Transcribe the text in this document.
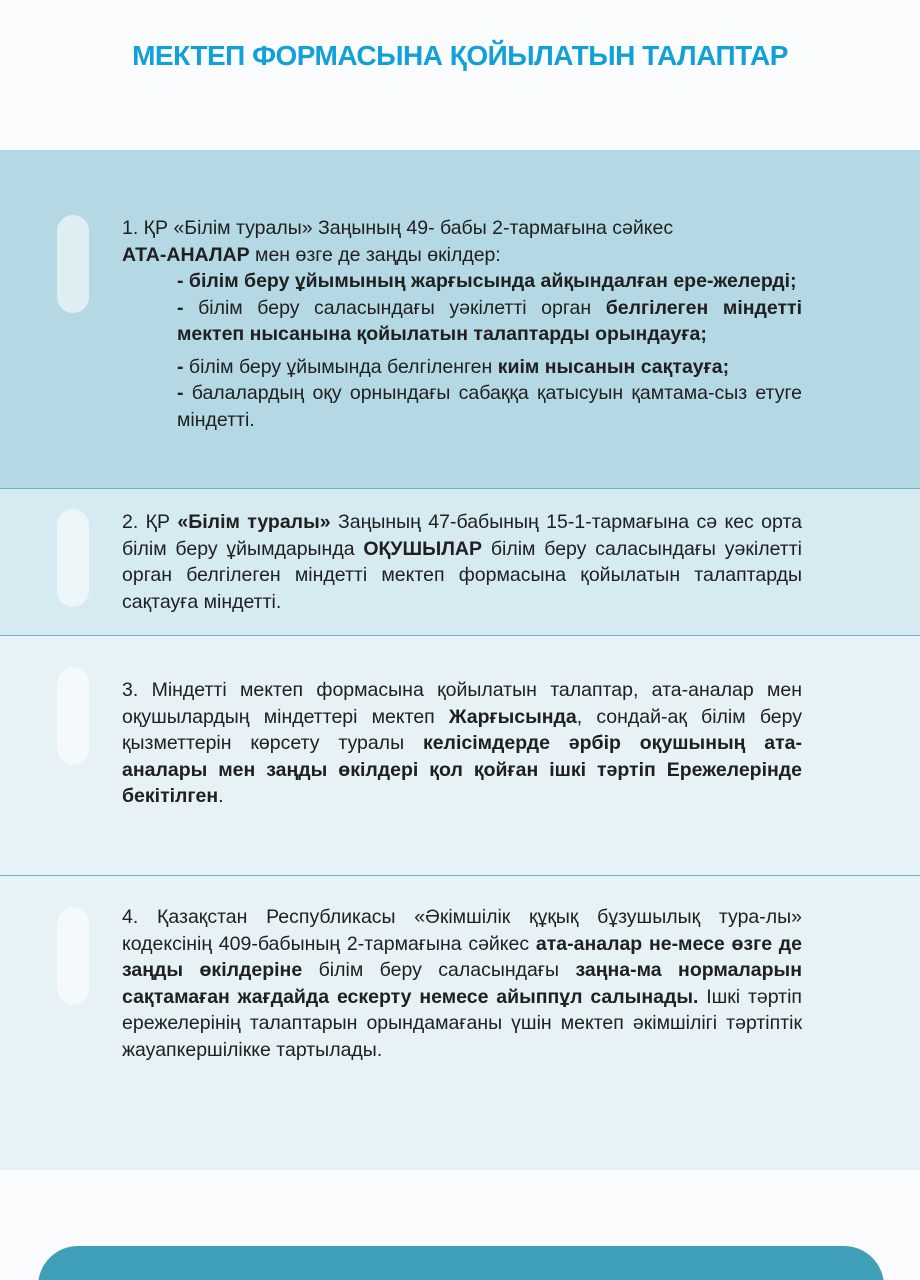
МЕКТЕП ФОРМАСЫНА ҚОЙЫЛАТЫН ТАЛАПТАР

1. ҚР «Білім туралы» Заңының 49- бабы 2-тармағына сәйкес
АТА-АНАЛАР мен өзге де заңды өкілдер:

- білім беру ұйымының жарғысында айқындалған ере-желерді;

- білім беру саласындағы уәкілетті орган белгілеген міндетті мектеп нысанына қойылатын талаптарды орындауға;

- білім беру ұйымында белгіленген киім нысанын сақтауға;

- балалардың оқу орнындағы сабаққа қатысуын қамтама-сыз етуге міндетті.

2. ҚР «Білім туралы» Заңының 47-бабының 15-1-тармағына сә кес орта білім беру ұйымдарында ОҚУШЫЛАР білім беру саласындағы уәкілетті орган белгілеген міндетті мектеп формасына қойылатын талаптарды сақтауға міндетті.
3. Міндетті мектеп формасына қойылатын талаптар, ата-аналар мен оқушылардың міндеттері мектеп Жарғысында, сондай-ақ білім беру қызметтерін көрсету туралы келісімдерде әрбір оқушының ата-аналары мен заңды өкілдері қол қойған ішкі тәртіп Ережелерінде бекітілген.
4. Қазақстан Республикасы «Әкімшілік құқық бұзушылық тура-лы» кодексінің 409-бабының 2-тармағына сәйкес ата-аналар не-месе өзге де заңды өкілдеріне білім беру саласындағы заңна-ма нормаларын сақтамаған жағдайда ескерту немесе айыппұл салынады. Ішкі тәртіп ережелерінің талаптарын орындамағаны үшін мектеп әкімшілігі тәртіптік жауапкершілікке тартылады.
